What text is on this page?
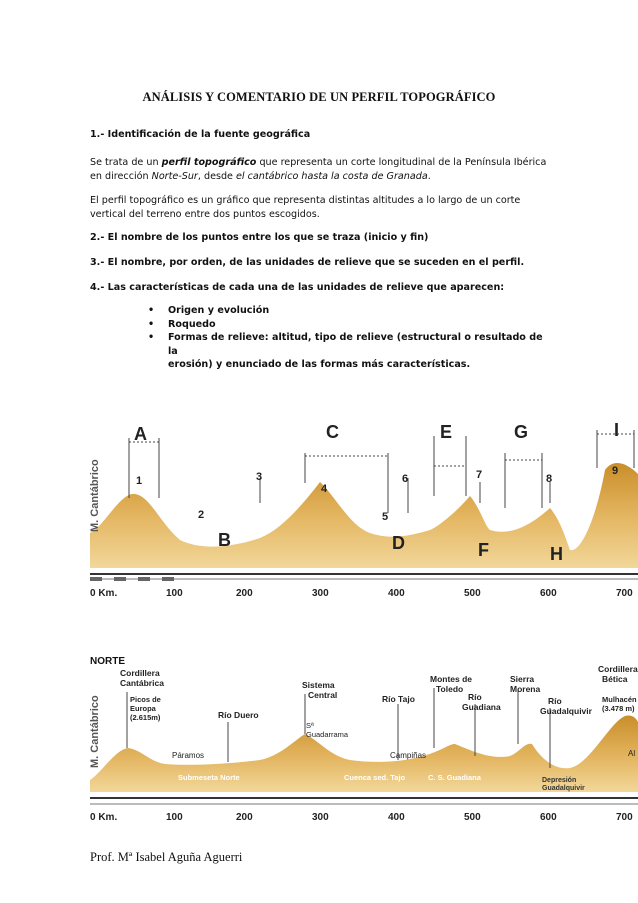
ANÁLISIS Y COMENTARIO DE UN PERFIL TOPOGRÁFICO
1.- Identificación de la fuente geográfica
Se trata de un perfil topográfico que representa un corte longitudinal de la Península Ibérica
en dirección Norte-Sur, desde el cantábrico hasta la costa de Granada.
El perfil topográfico es un gráfico que representa distintas altitudes a lo largo de un corte
vertical del terreno entre dos puntos escogidos.
2.- El nombre de los puntos entre los que se traza (inicio y fin)
3.- El nombre, por orden, de las unidades de relieve que se suceden en el perfil.
4.- Las características de cada una de las unidades de relieve que aparecen:
• Origen y evolución
• Roquedo
• Formas de relieve: altitud, tipo de relieve (estructural o resultado de la
erosión) y enunciado de las formas más características.
M. Cantábrico
A
B
C
D
E
F
G
H
I
1
2
3
4
5
6	7	8
9
0 Km.	100	200	300	400	500	600	700
M. Cantábrico
NORTE
Cordillera
Cantábrica
Picos de
Europa
(2.615m)	Río Duero
Sistema
Central
Sª
Guadarrama
Río Tajo
Montes de
Toledo
Río
Guadiana
Sierra
Morena
Río
Guadalquivir
Cordillera
Bética
Mulhacén
(3.478 m)
Al
Páramos	Campiñas
Submeseta Norte	Cuenca sed. Tajo	C. S. Guadiana	Depresión
Guadalquivir
0 Km.	100	200	300	400	500	600	700
Prof. Mª Isabel Aguña Aguerri
